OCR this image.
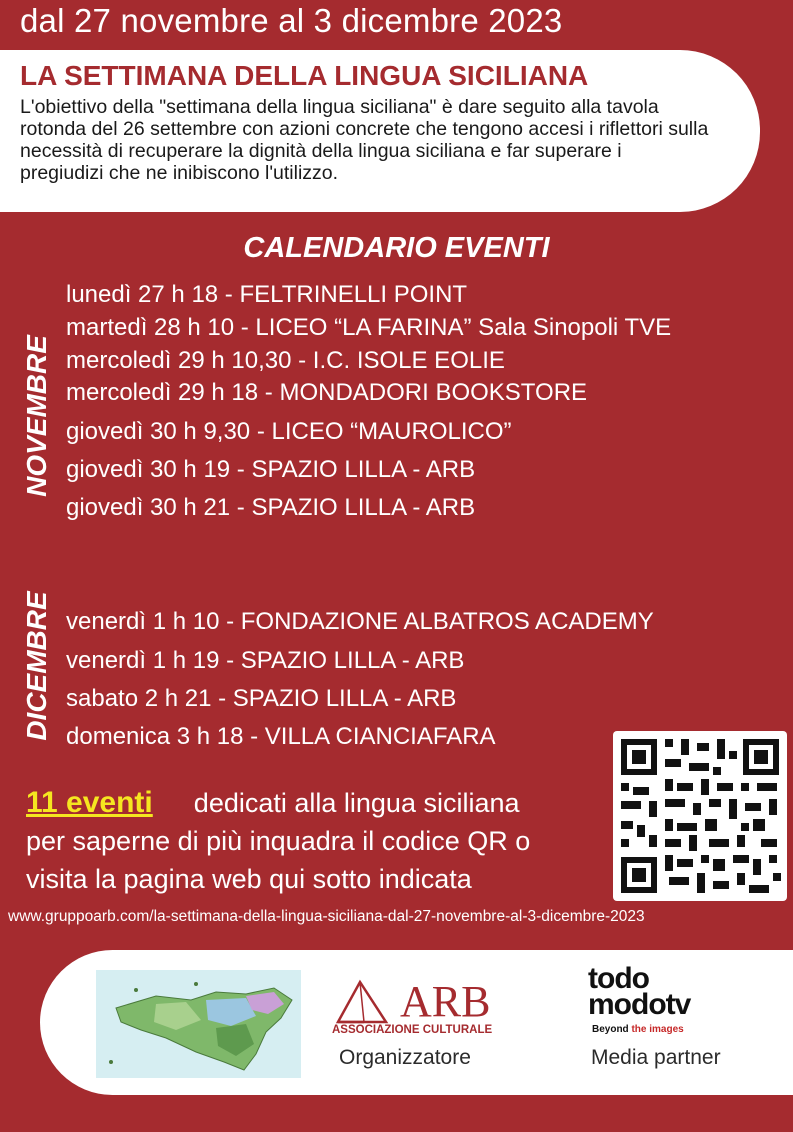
dal 27 novembre al 3 dicembre 2023
LA SETTIMANA DELLA LINGUA SICILIANA
L'obiettivo della "settimana della lingua siciliana" è dare seguito alla tavola rotonda del 26 settembre con azioni concrete che tengono accesi i riflettori sulla necessità di recuperare la dignità della lingua siciliana e far superare i pregiudizi che ne inibiscono l'utilizzo.
CALENDARIO EVENTI
NOVEMBRE
DICEMBRE
lunedì 27 h 18 - FELTRINELLI POINT
martedì 28 h 10 - LICEO “LA FARINA” Sala Sinopoli TVE
mercoledì 29 h 10,30 - I.C. ISOLE EOLIE
mercoledì 29 h 18 - MONDADORI BOOKSTORE
giovedì 30 h 9,30 - LICEO “MAUROLICO”
giovedì 30 h 19 - SPAZIO LILLA - ARB
giovedì 30 h 21 - SPAZIO LILLA - ARB
venerdì 1 h 10 - FONDAZIONE ALBATROS ACADEMY
venerdì 1 h 19 - SPAZIO LILLA - ARB
sabato 2 h 21 - SPAZIO LILLA - ARB
domenica 3 h 18 - VILLA CIANCIAFARA
11 eventi dedicati alla lingua siciliana
per saperne di più inquadra il codice QR o
visita la pagina web qui sotto indicata
www.gruppoarb.com/la-settimana-della-lingua-siciliana-dal-27-novembre-al-3-dicembre-2023
ARB
ASSOCIAZIONE CULTURALE
Organizzatore
todo
modotv
Beyond the images
Media partner
